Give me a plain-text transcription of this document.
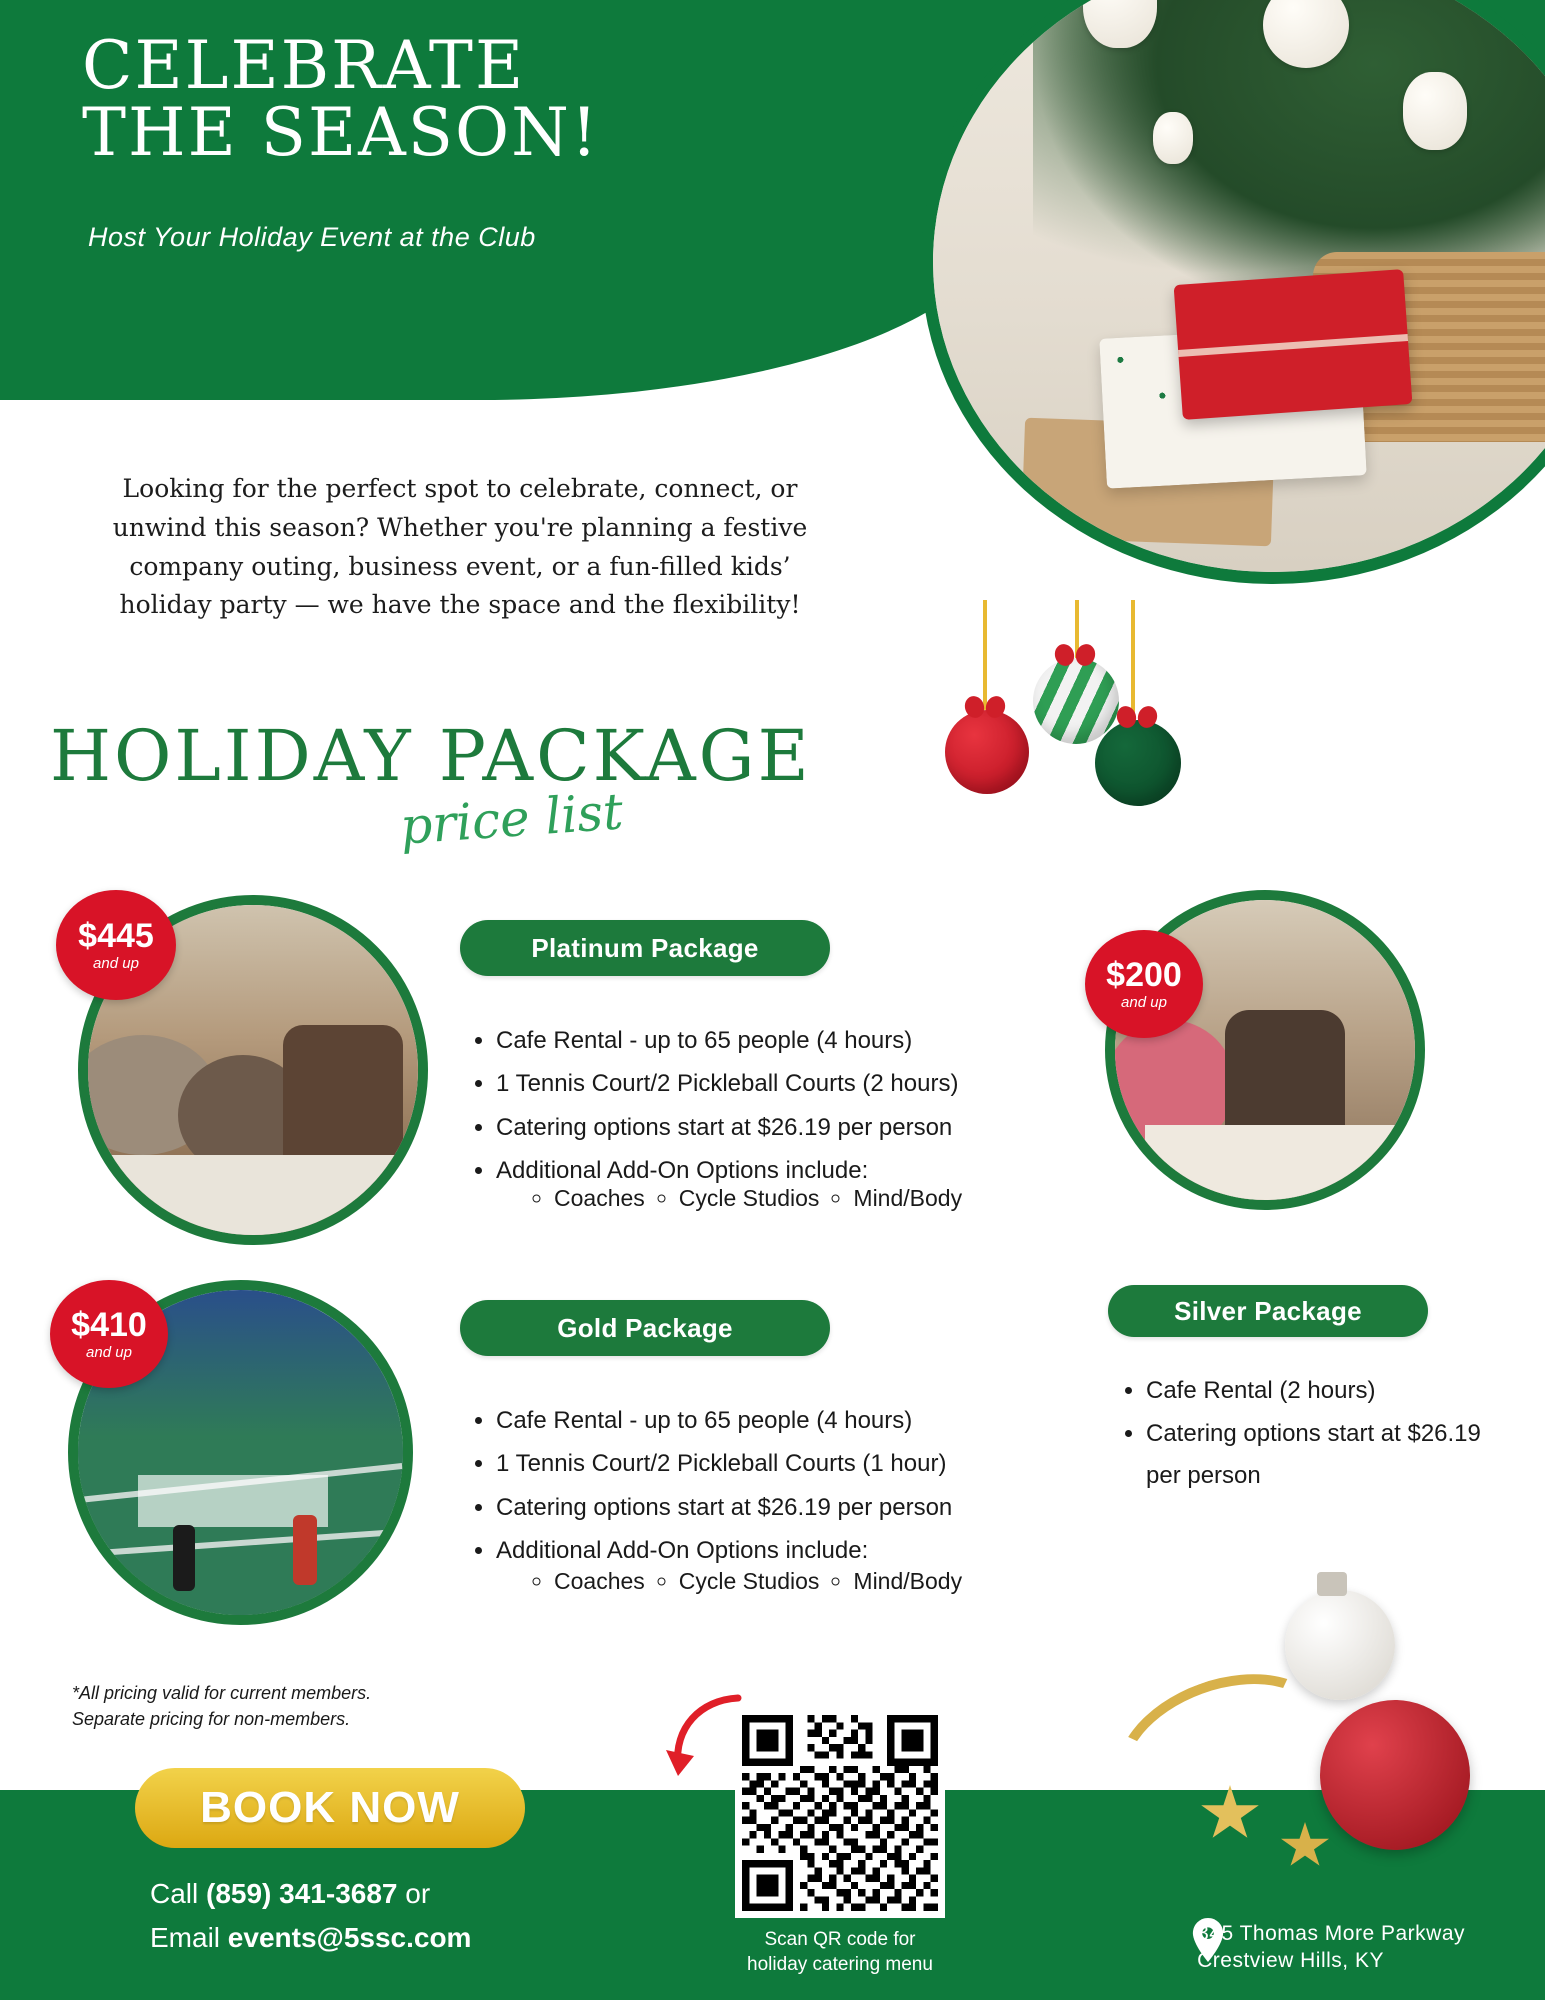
CELEBRATE
THE SEASON!
Host Your Holiday Event at the Club
Looking for the perfect spot to celebrate, connect, or unwind this season? Whether you're planning a festive company outing, business event, or a fun-filled kids’ holiday party — we have the space and the flexibility!
HOLIDAY PACKAGE
price list
$445
and up
Platinum Package
• Cafe Rental - up to 65 people (4 hours)
• 1 Tennis Court/2 Pickleball Courts (2 hours)
• Catering options start at $26.19 per person
• Additional Add-On Options include:
◦ Coaches ◦ Cycle Studios ◦ Mind/Body
$200
and up
Silver Package
• Cafe Rental (2 hours)
• Catering options start at $26.19 per person
$410
and up
Gold Package
• Cafe Rental - up to 65 people (4 hours)
• 1 Tennis Court/2 Pickleball Courts (1 hour)
• Catering options start at $26.19 per person
• Additional Add-On Options include:
◦ Coaches ◦ Cycle Studios ◦ Mind/Body
*All pricing valid for current members.
Separate pricing for non-members.
BOOK NOW
Call (859) 341-3687 or
Email events@5ssc.com	Scan QR code for
holiday catering menu
345 Thomas More Parkway
Crestview Hills, KY
